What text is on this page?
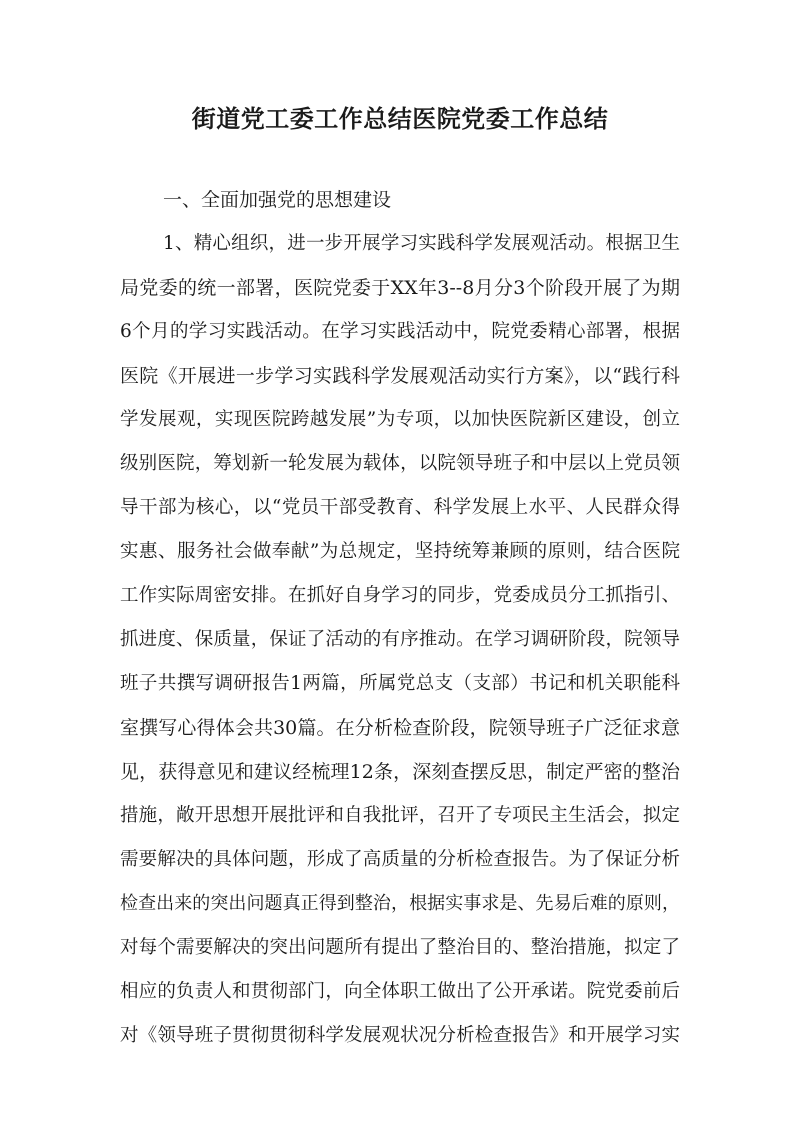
街道党工委工作总结医院党委工作总结
一、全面加强党的思想建设
1、精心组织，进一步开展学习实践科学发展观活动。根据卫生
局党委的统一部署，医院党委于XX年3--8月分3个阶段开展了为期
6个月的学习实践活动。在学习实践活动中，院党委精心部署，根据
医院《开展进一步学习实践科学发展观活动实行方案》，以“践行科
学发展观，实现医院跨越发展”为专项，以加快医院新区建设，创立
级别医院，筹划新一轮发展为载体，以院领导班子和中层以上党员领
导干部为核心，以“党员干部受教育、科学发展上水平、人民群众得
实惠、服务社会做奉献”为总规定，坚持统筹兼顾的原则，结合医院
工作实际周密安排。在抓好自身学习的同步，党委成员分工抓指引、
抓进度、保质量，保证了活动的有序推动。在学习调研阶段，院领导
班子共撰写调研报告1两篇，所属党总支（支部）书记和机关职能科
室撰写心得体会共30篇。在分析检查阶段，院领导班子广泛征求意
见，获得意见和建议经梳理12条，深刻查摆反思，制定严密的整治
措施，敞开思想开展批评和自我批评，召开了专项民主生活会，拟定
需要解决的具体问题，形成了高质量的分析检查报告。为了保证分析
检查出来的突出问题真正得到整治，根据实事求是、先易后难的原则，
对每个需要解决的突出问题所有提出了整治目的、整治措施，拟定了
相应的负责人和贯彻部门，向全体职工做出了公开承诺。院党委前后
对《领导班子贯彻贯彻科学发展观状况分析检查报告》和开展学习实
